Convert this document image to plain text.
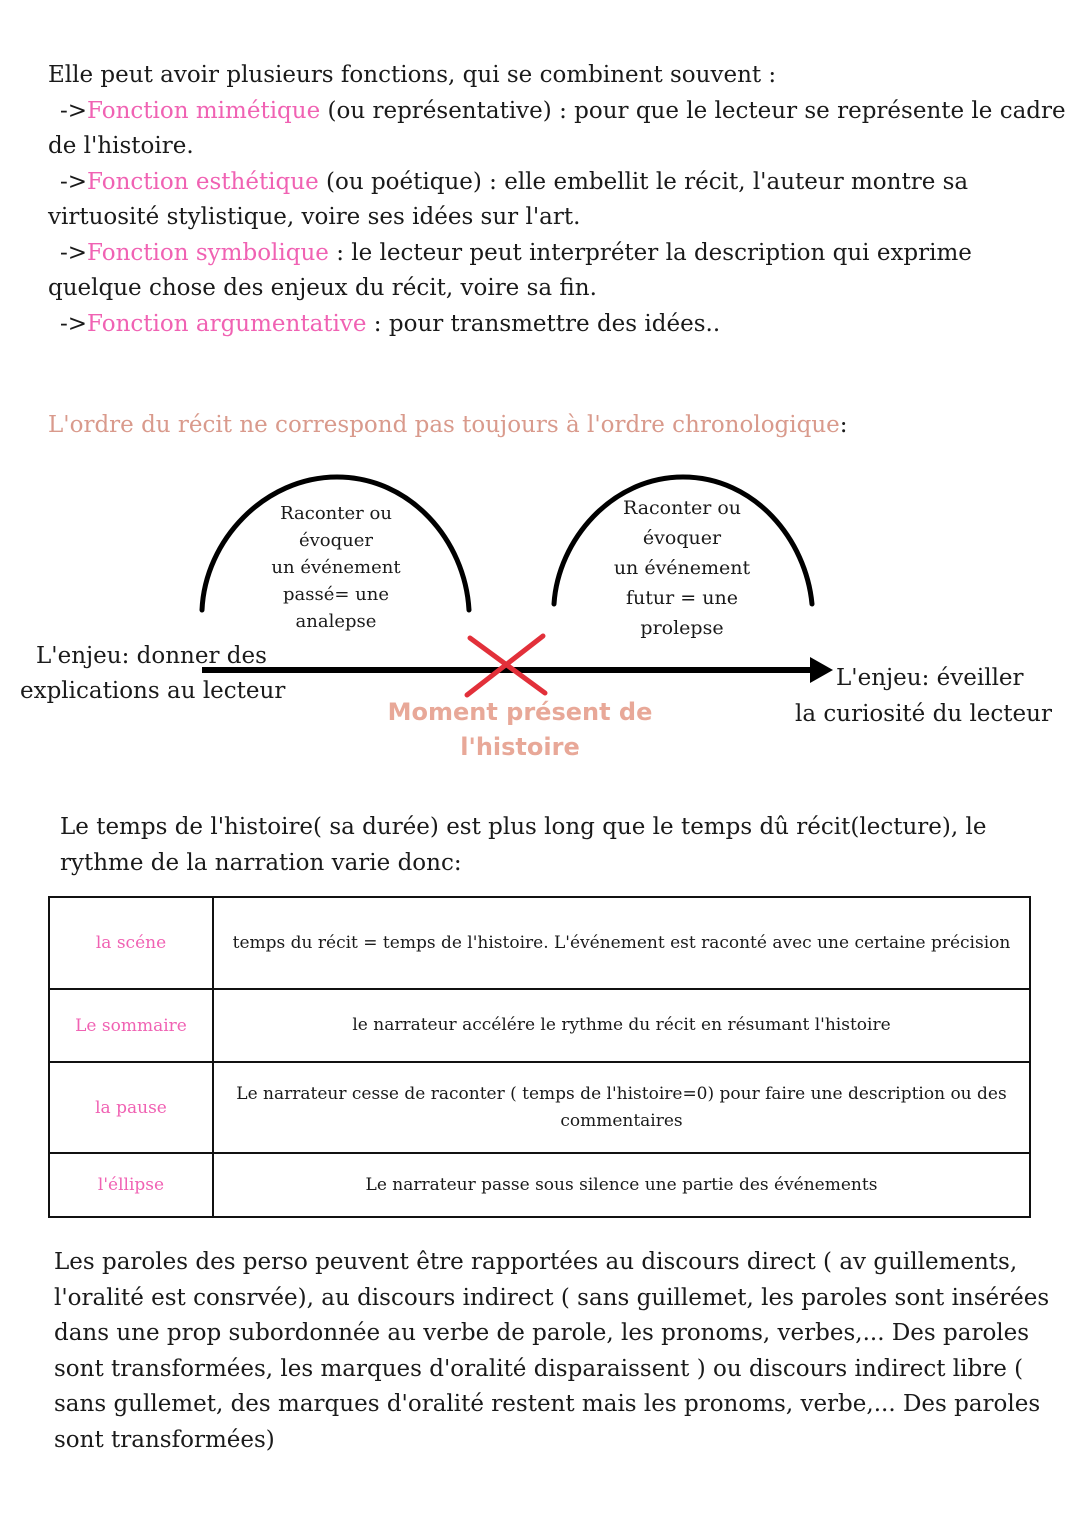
Elle peut avoir plusieurs fonctions, qui se combinent souvent :
->Fonction mimétique (ou représentative) : pour que le lecteur se représente le cadre
de l'histoire.
->Fonction esthétique (ou poétique) : elle embellit le récit, l'auteur montre sa
virtuosité stylistique, voire ses idées sur l'art.
->Fonction symbolique : le lecteur peut interpréter la description qui exprime
quelque chose des enjeux du récit, voire sa fin.
->Fonction argumentative : pour transmettre des idées..
L'ordre du récit ne correspond pas toujours à l'ordre chronologique:
Raconter ou
évoquer
un événement
passé= une
analepse
Raconter ou
évoquer
un événement
futur = une
prolepse
L'enjeu: donner des
explications au lecteur	L'enjeu: éveiller
la curiosité du lecteur
Moment présent de
l'histoire
Le temps de l'histoire( sa durée) est plus long que le temps dû récit(lecture), le
rythme de la narration varie donc:
la scéne	temps du récit = temps de l'histoire. L'événement est raconté avec une certaine précision
Le sommaire	le narrateur accélére le rythme du récit en résumant l'histoire
la pause	Le narrateur cesse de raconter ( temps de l'histoire=0) pour faire une description ou des commentaires
l'éllipse	Le narrateur passe sous silence une partie des événements
Les paroles des perso peuvent être rapportées au discours direct ( av guillements,
l'oralité est consrvée), au discours indirect ( sans guillemet, les paroles sont insérées
dans une prop subordonnée au verbe de parole, les pronoms, verbes,... Des paroles
sont transformées, les marques d'oralité disparaissent ) ou discours indirect libre (
sans gullemet, des marques d'oralité restent mais les pronoms, verbe,... Des paroles
sont transformées)
